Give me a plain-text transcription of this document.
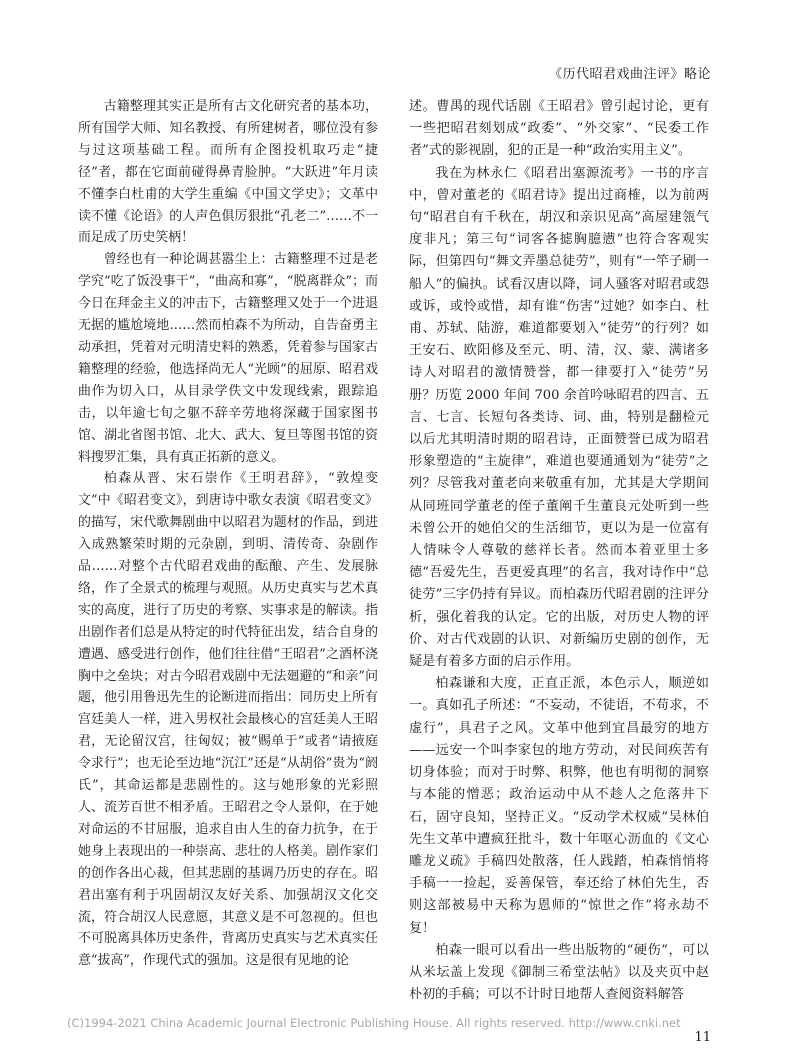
《历代昭君戏曲注评》略论

古籍整理其实正是所有古文化研究者的基本功，所有国学大师、知名教授、有所建树者，哪位没有参与过这项基础工程。而所有企图投机取巧走“捷径”者，都在它面前碰得鼻青脸肿。“大跃进”年月读不懂李白杜甫的大学生重编《中国文学史》；文革中读不懂《论语》的人声色俱厉狠批“孔老二”……不一而足成了历史笑柄！

曾经也有一种论调甚嚣尘上：古籍整理不过是老学究“吃了饭没事干”，“曲高和寡”，“脱离群众”；而今日在拜金主义的冲击下，古籍整理又处于一个进退无据的尴尬境地……然而柏森不为所动，自告奋勇主动承担，凭着对元明清史料的熟悉，凭着参与国家古籍整理的经验，他选择尚无人“光顾”的屈原、昭君戏曲作为切入口，从目录学佚文中发现线索，跟踪追击，以年逾七旬之躯不辞辛劳地将深藏于国家图书馆、湖北省图书馆、北大、武大、复旦等图书馆的资料搜罗汇集，具有真正拓新的意义。

柏森从晋、宋石崇作《王明君辞》，“敦煌变文”中《昭君变文》，到唐诗中歌女表演《昭君变文》的描写，宋代歌舞剧曲中以昭君为题材的作品，到进入成熟繁荣时期的元杂剧，到明、清传奇、杂剧作品……对整个古代昭君戏曲的酝酿、产生、发展脉络，作了全景式的梳理与观照。从历史真实与艺术真实的高度，进行了历史的考察、实事求是的解读。指出剧作者们总是从特定的时代特征出发，结合自身的遭遇、感受进行创作，他们往往借“王昭君”之酒杯浇胸中之垒块；对古今昭君戏剧中无法廻避的“和亲”问题，他引用鲁迅先生的论断进而指出：同历史上所有宫廷美人一样，进入男权社会最核心的宫廷美人王昭君，无论留汉宫，往匈奴；被“赐单于”或者“请掖庭令求行”；也无论至边地“沉江”还是“从胡俗”贵为“阏氏”，其命运都是悲剧性的。这与她形象的光彩照人、流芳百世不相矛盾。王昭君之令人景仰，在于她对命运的不甘屈服，追求自由人生的奋力抗争，在于她身上表现出的一种崇高、悲壮的人格美。剧作家们的创作各出心裁，但其悲剧的基调乃历史的存在。昭君出塞有利于巩固胡汉友好关系、加强胡汉文化交流，符合胡汉人民意愿，其意义是不可忽视的。但也不可脱离具体历史条件，背离历史真实与艺术真实任意“拔高”，作现代式的强加。这是很有见地的论

述。曹禺的现代话剧《王昭君》曾引起讨论，更有一些把昭君刻划成“政委”、“外交家”、“民委工作者”式的影视剧，犯的正是一种“政治实用主义”。

我在为林永仁《昭君出塞源流考》一书的序言中，曾对董老的《昭君诗》提出过商榷，以为前两句“昭君自有千秋在，胡汉和亲识见高”高屋建瓴气度非凡；第三句“词客各摅胸臆懑”也符合客观实际，但第四句“舞文弄墨总徒劳”，则有“一竿子刷一船人”的偏执。试看汉唐以降，词人骚客对昭君或怨或诉，或怜或惜，却有谁“伤害”过她？如李白、杜甫、苏轼、陆游，难道都要划入“徒劳”的行列？如王安石、欧阳修及至元、明、清，汉、蒙、满诸多诗人对昭君的激情赞誉，都一律要打入“徒劳”另册？历览 2000 年间 700 余首吟咏昭君的四言、五言、七言、长短句各类诗、词、曲，特别是翻检元以后尤其明清时期的昭君诗，正面赞誉已成为昭君形象塑造的“主旋律”，难道也要通通划为“徒劳”之列？尽管我对董老向来敬重有加，尤其是大学期间从同班同学董老的侄子董阐千生董良元处听到一些未曾公开的她伯父的生活细节，更以为是一位富有人情味令人尊敬的慈祥长者。然而本着亚里士多德“吾爱先生，吾更爱真理”的名言，我对诗作中“总徒劳”三字仍持有异议。而柏森历代昭君剧的注评分析，强化着我的认定。它的出版，对历史人物的评价、对古代戏剧的认识、对新编历史剧的创作，无疑是有着多方面的启示作用。

柏森谦和大度，正直正派，本色示人，顺逆如一。真如孔子所述：“不妄动，不徒语，不苟求，不虚行”，具君子之风。文革中他到宜昌最穷的地方——远安一个叫李家包的地方劳动，对民间疾苦有切身体验；而对于时弊、积弊，他也有明彻的洞察与本能的憎恶；政治运动中从不趁人之危落井下石，固守良知，坚持正义。“反动学术权威”吴林伯先生文革中遭疯狂批斗，数十年呕心沥血的《文心雕龙义疏》手稿四处散落，任人践踏，柏森悄悄将手稿一一捡起，妥善保管，奉还给了林伯先生，否则这部被易中天称为恩师的“惊世之作”将永劫不复！

柏森一眼可以看出一些出版物的“硬伤”，可以从米坛盖上发现《御制三希堂法帖》以及夹页中赵朴初的手稿；可以不计时日地帮人查阅资料解答

(C)1994-2021 China Academic Journal Electronic Publishing House. All rights reserved. http://www.cnki.net
11
